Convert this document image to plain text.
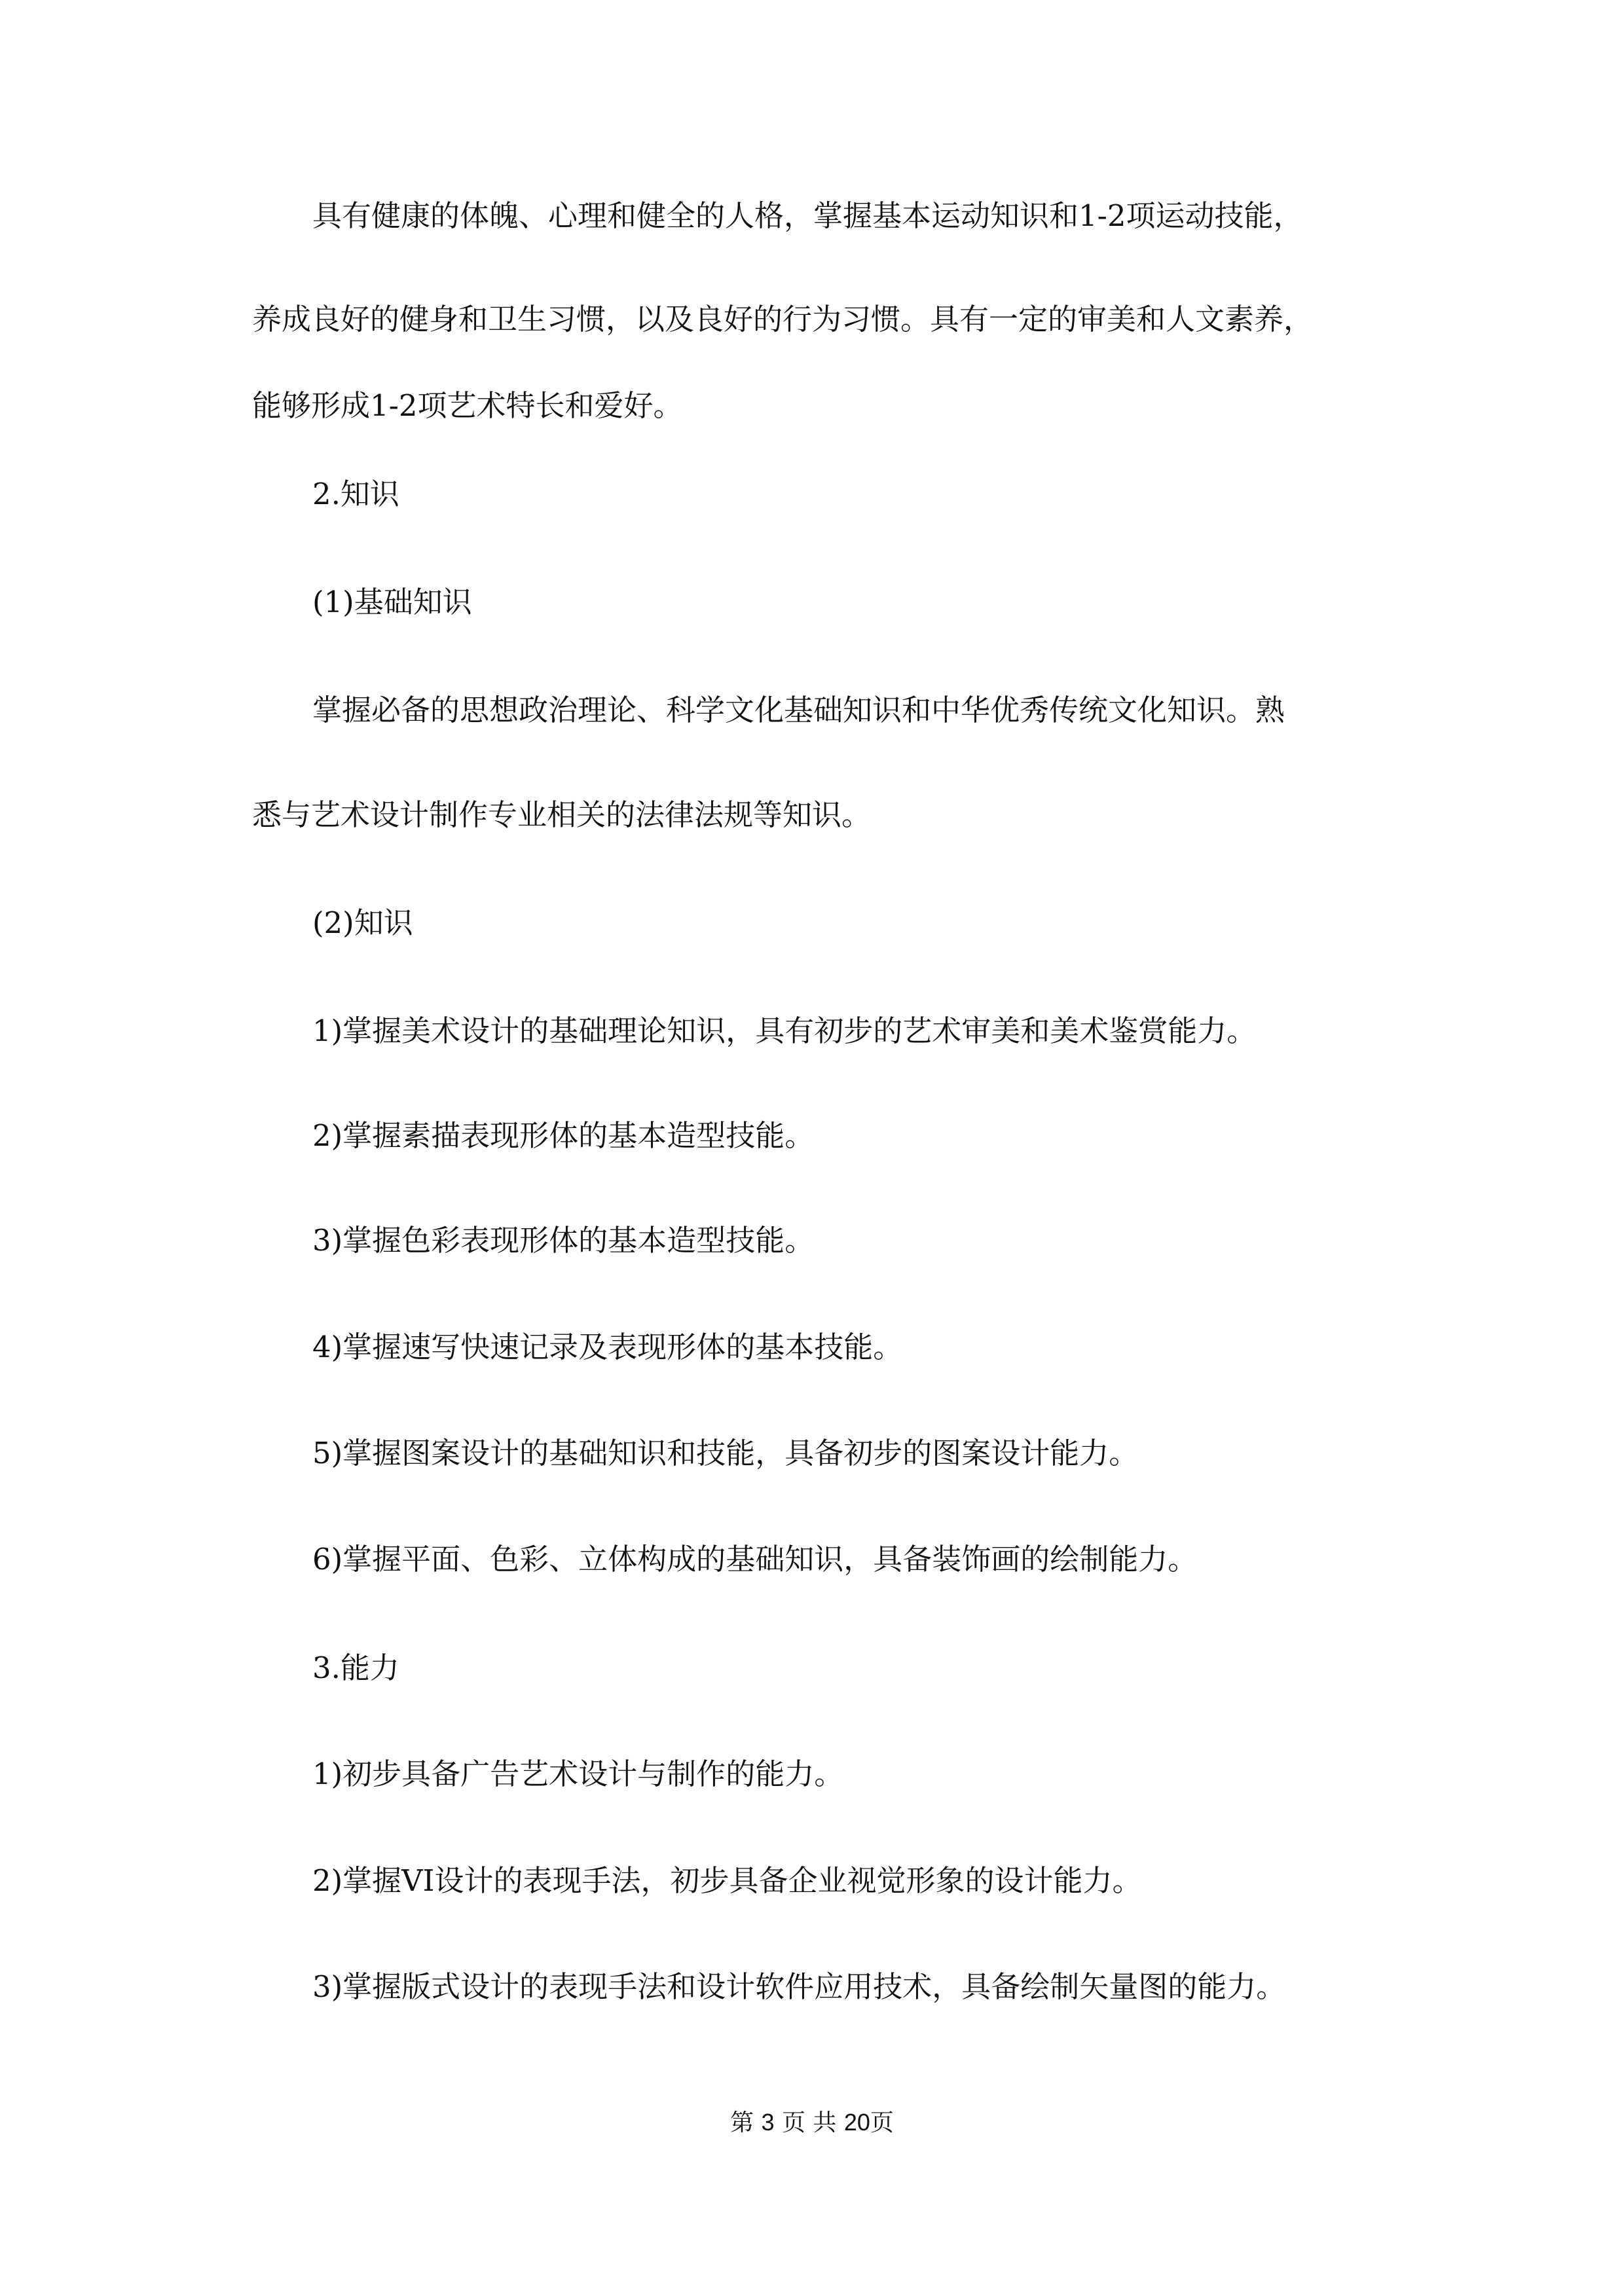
具有健康的体魄、心理和健全的人格，掌握基本运动知识和1-2项运动技能，
养成良好的健身和卫生习惯，以及良好的行为习惯。具有一定的审美和人文素养，
能够形成1-2项艺术特长和爱好。
2.知识
(1)基础知识
掌握必备的思想政治理论、科学文化基础知识和中华优秀传统文化知识。熟
悉与艺术设计制作专业相关的法律法规等知识。
(2)知识
1)掌握美术设计的基础理论知识，具有初步的艺术审美和美术鉴赏能力。
2)掌握素描表现形体的基本造型技能。
3)掌握色彩表现形体的基本造型技能。
4)掌握速写快速记录及表现形体的基本技能。
5)掌握图案设计的基础知识和技能，具备初步的图案设计能力。
6)掌握平面、色彩、立体构成的基础知识，具备装饰画的绘制能力。
3.能力
1)初步具备广告艺术设计与制作的能力。
2)掌握VI设计的表现手法，初步具备企业视觉形象的设计能力。
3)掌握版式设计的表现手法和设计软件应用技术，具备绘制矢量图的能力。
第 3 页 共 20页
